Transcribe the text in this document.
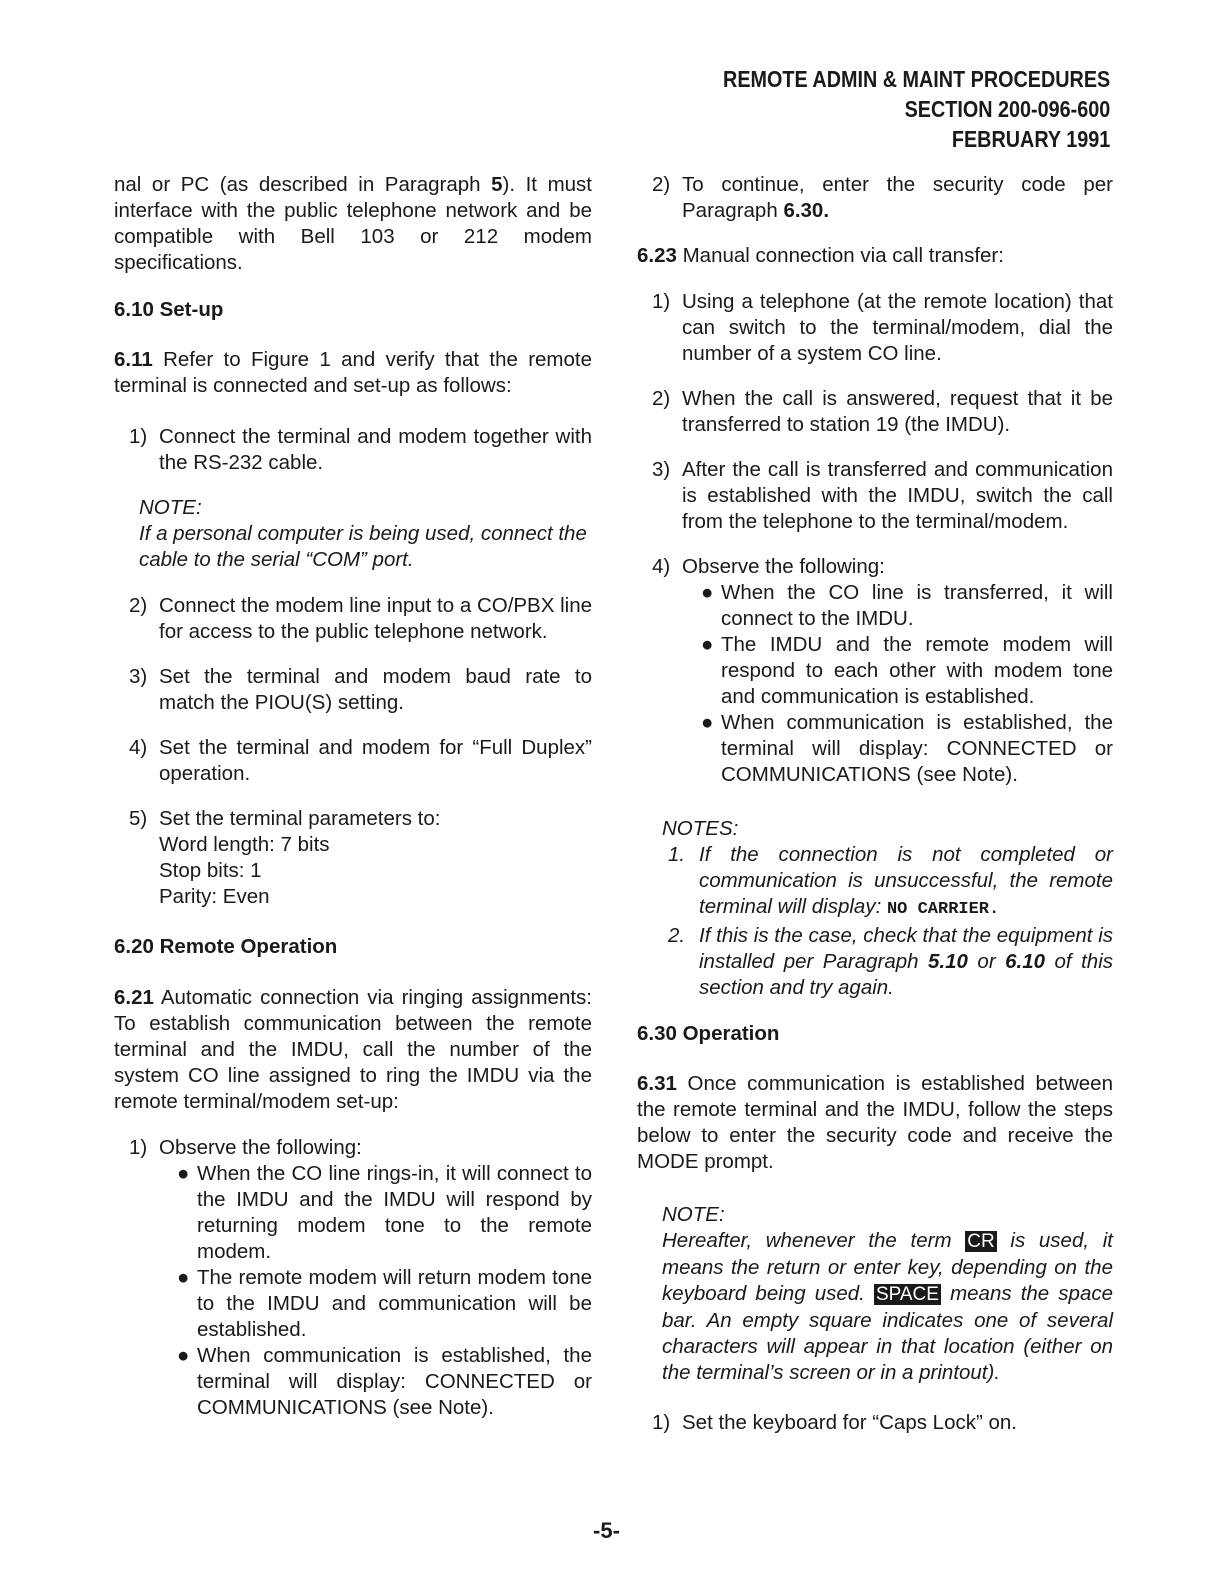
REMOTE ADMIN & MAINT PROCEDURES
SECTION 200-096-600
FEBRUARY 1991

nal or PC (as described in Paragraph 5). It must interface with the public telephone network and be compatible with Bell 103 or 212 modem specifications.

6.10 Set-up

6.11 Refer to Figure 1 and verify that the remote terminal is connected and set-up as follows:

1) Connect the terminal and modem together with the RS-232 cable.
NOTE:
If a personal computer is being used, connect the cable to the serial “COM” port.
2) Connect the modem line input to a CO/PBX line for access to the public telephone network.
3) Set the terminal and modem baud rate to match the PIOU(S) setting.
4) Set the terminal and modem for “Full Duplex” operation.
5) Set the terminal parameters to:
Word length: 7 bits
Stop bits: 1
Parity: Even

6.20 Remote Operation

6.21 Automatic connection via ringing assignments: To establish communication between the remote terminal and the IMDU, call the number of the system CO line assigned to ring the IMDU via the remote terminal/modem set-up:

1) Observe the following:
● When the CO line rings-in, it will connect to the IMDU and the IMDU will respond by returning modem tone to the remote modem.
● The remote modem will return modem tone to the IMDU and communication will be established.
● When communication is established, the terminal will display: CONNECTED or COMMUNICATIONS (see Note).
2) To continue, enter the security code per Paragraph 6.30.

6.23 Manual connection via call transfer:

1) Using a telephone (at the remote location) that can switch to the terminal/modem, dial the number of a system CO line.
2) When the call is answered, request that it be transferred to station 19 (the IMDU).
3) After the call is transferred and communication is established with the IMDU, switch the call from the telephone to the terminal/modem.
4) Observe the following:
● When the CO line is transferred, it will connect to the IMDU.
● The IMDU and the remote modem will respond to each other with modem tone and communication is established.
● When communication is established, the terminal will display: CONNECTED or COMMUNICATIONS (see Note).
NOTES:
1. If the connection is not completed or communication is unsuccessful, the remote terminal will display: NO CARRIER.
2. If this is the case, check that the equipment is installed per Paragraph 5.10 or 6.10 of this section and try again.

6.30 Operation

6.31 Once communication is established between the remote terminal and the IMDU, follow the steps below to enter the security code and receive the MODE prompt.

NOTE:
Hereafter, whenever the term CR is used, it means the return or enter key, depending on the keyboard being used. SPACE means the space bar. An empty square indicates one of several characters will appear in that location (either on the terminal’s screen or in a printout).
1) Set the keyboard for “Caps Lock” on.
-5-
